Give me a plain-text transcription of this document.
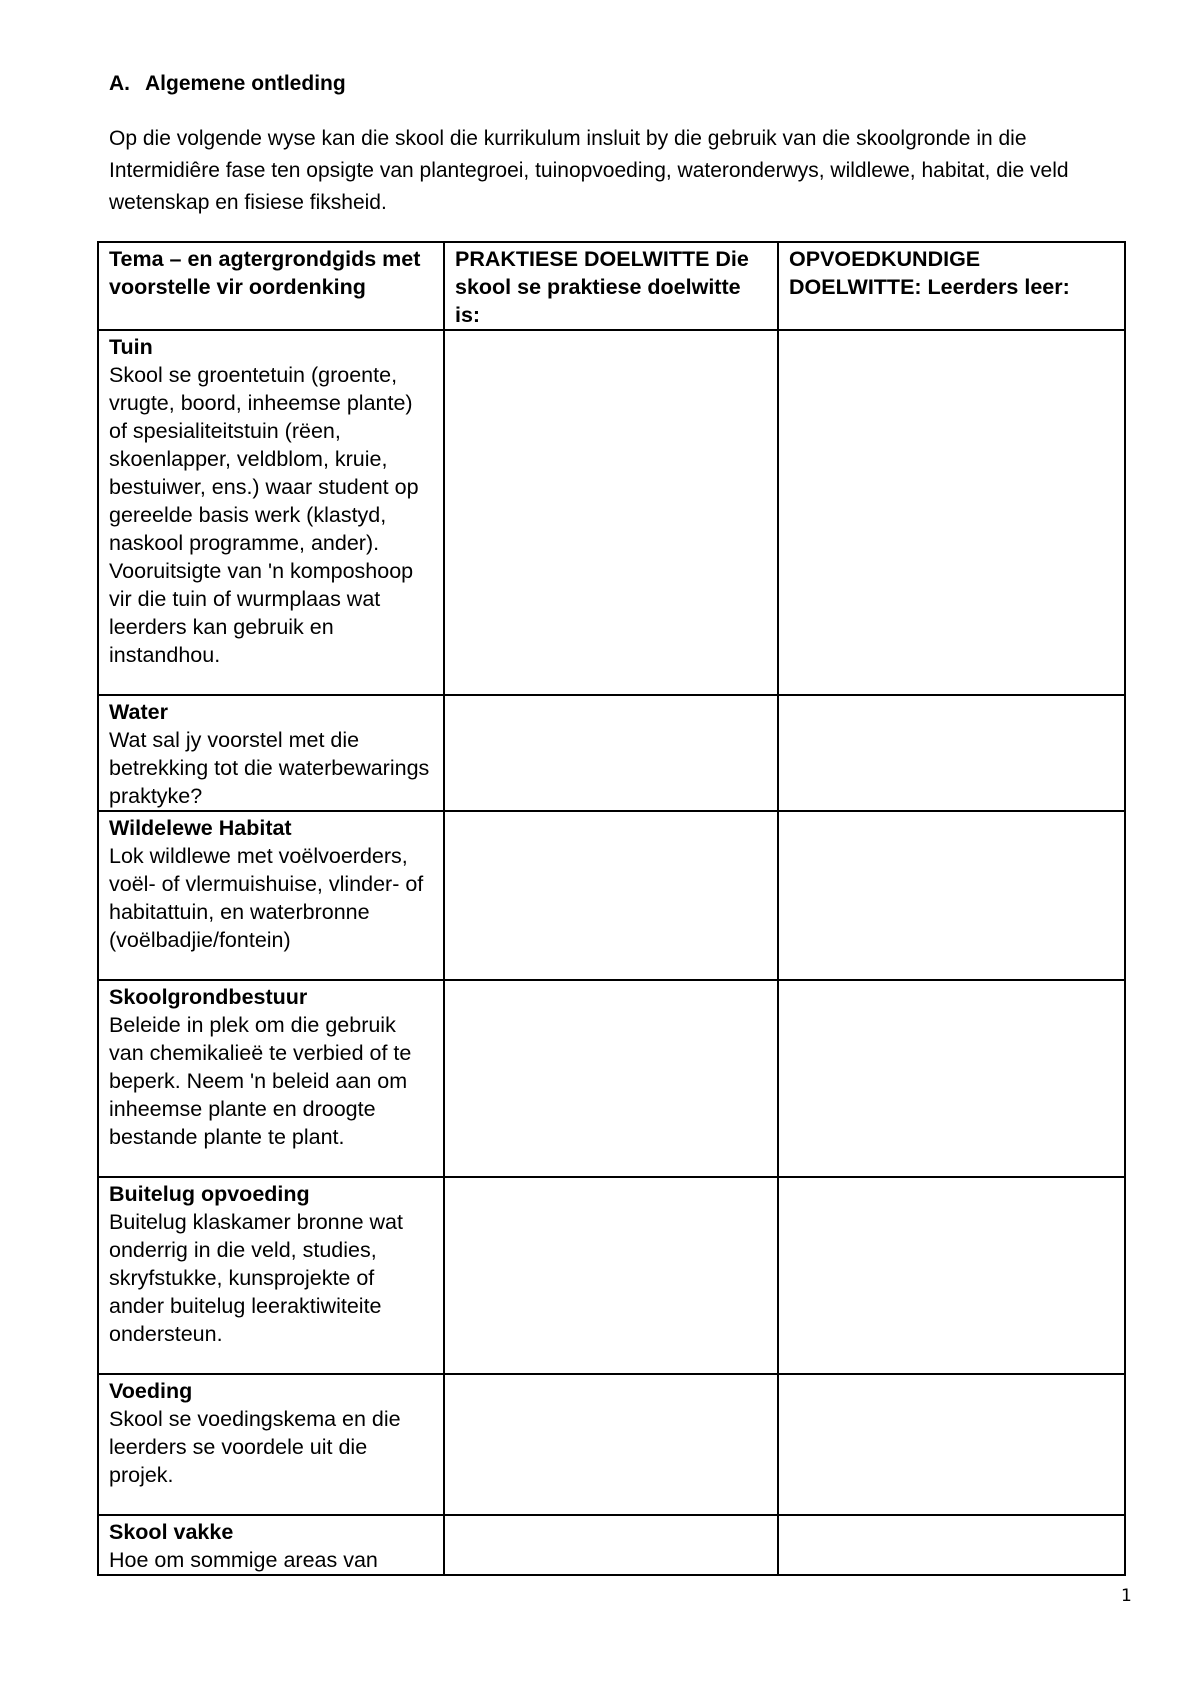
A. Algemene ontleding

Op die volgende wyse kan die skool die kurrikulum insluit by die gebruik van die skoolgronde in die Intermidiêre fase ten opsigte van plantegroei, tuinopvoeding, wateronderwys, wildlewe, habitat, die veld wetenskap en fisiese fiksheid.

Tema – en agtergrondgids met voorstelle vir oordenking	PRAKTIESE DOELWITTE Die skool se praktiese doelwitte is:	OPVOEDKUNDIGE DOELWITTE: Leerders leer:

Tuin
Skool se groentetuin (groente, vrugte, boord, inheemse plante) of spesialiteitstuin (rëen, skoenlapper, veldblom, kruie, bestuiwer, ens.) waar student op gereelde basis werk (klastyd, naskool programme, ander). Vooruitsigte van 'n komposhoop vir die tuin of wurmplaas wat leerders kan gebruik en instandhou.		

Water
Wat sal jy voorstel met die betrekking tot die waterbewarings praktyke?		

Wildelewe Habitat
Lok wildlewe met voëlvoerders, voël- of vlermuishuise, vlinder- of habitattuin, en waterbronne (voëlbadjie/fontein)		

Skoolgrondbestuur
Beleide in plek om die gebruik van chemikalieë te verbied of te beperk. Neem 'n beleid aan om inheemse plante en droogte bestande plante te plant.		

Buitelug opvoeding
Buitelug klaskamer bronne wat onderrig in die veld, studies, skryfstukke, kunsprojekte of ander buitelug leeraktiwiteite ondersteun.		

Voeding
Skool se voedingskema en die leerders se voordele uit die projek.		

Skool vakke
Hoe om sommige areas van		

1
